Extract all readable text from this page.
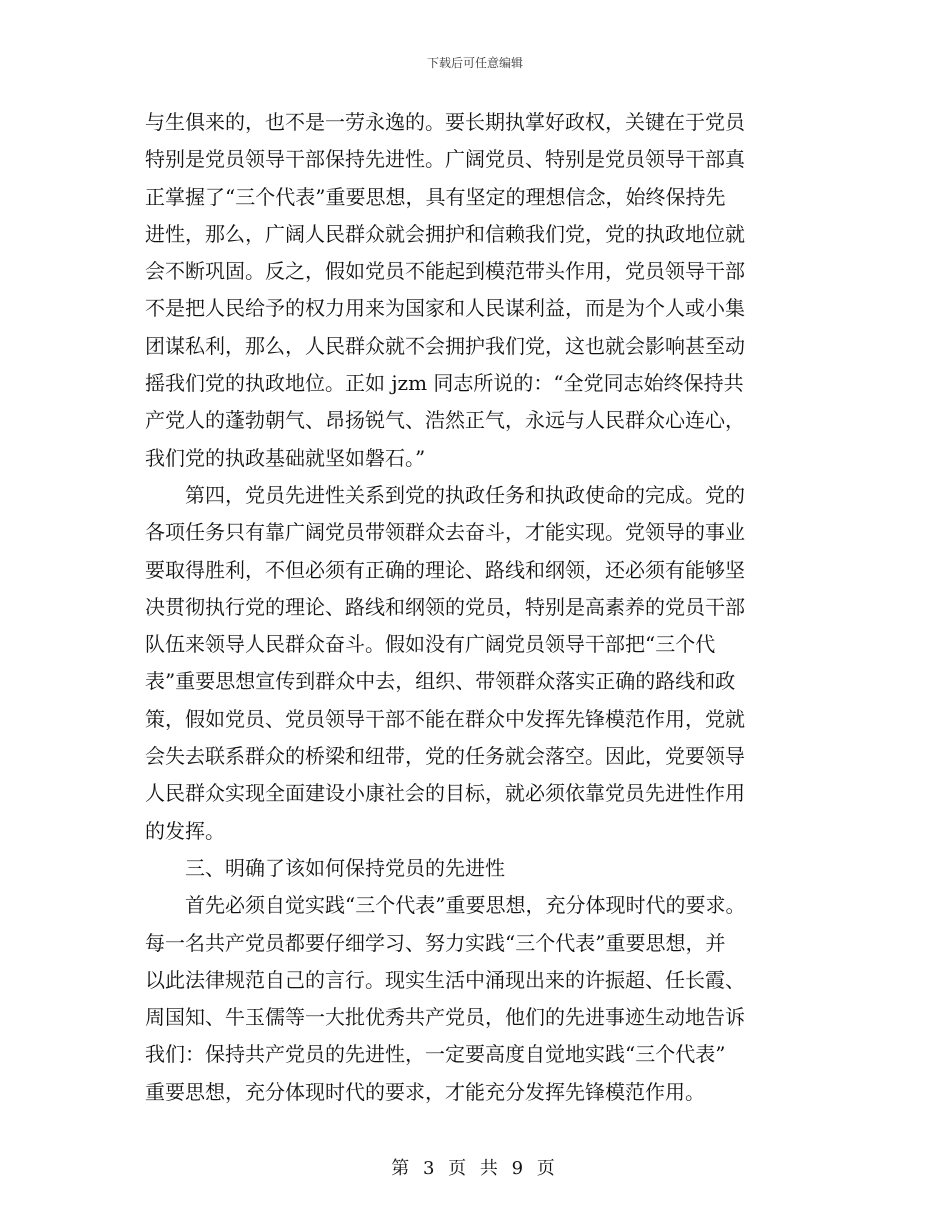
下载后可任意编辑
与生俱来的，也不是一劳永逸的。要长期执掌好政权，关键在于党员
特别是党员领导干部保持先进性。广阔党员、特别是党员领导干部真
正掌握了“三个代表”重要思想，具有坚定的理想信念，始终保持先
进性，那么，广阔人民群众就会拥护和信赖我们党，党的执政地位就
会不断巩固。反之，假如党员不能起到模范带头作用，党员领导干部
不是把人民给予的权力用来为国家和人民谋利益，而是为个人或小集
团谋私利，那么，人民群众就不会拥护我们党，这也就会影响甚至动
摇我们党的执政地位。正如 jzm 同志所说的：“全党同志始终保持共
产党人的蓬勃朝气、昂扬锐气、浩然正气，永远与人民群众心连心，
我们党的执政基础就坚如磐石。”
第四，党员先进性关系到党的执政任务和执政使命的完成。党的
各项任务只有靠广阔党员带领群众去奋斗，才能实现。党领导的事业
要取得胜利，不但必须有正确的理论、路线和纲领，还必须有能够坚
决贯彻执行党的理论、路线和纲领的党员，特别是高素养的党员干部
队伍来领导人民群众奋斗。假如没有广阔党员领导干部把“三个代
表”重要思想宣传到群众中去，组织、带领群众落实正确的路线和政
策，假如党员、党员领导干部不能在群众中发挥先锋模范作用，党就
会失去联系群众的桥梁和纽带，党的任务就会落空。因此，党要领导
人民群众实现全面建设小康社会的目标，就必须依靠党员先进性作用
的发挥。
三、明确了该如何保持党员的先进性
首先必须自觉实践“三个代表”重要思想，充分体现时代的要求。
每一名共产党员都要仔细学习、努力实践“三个代表”重要思想，并
以此法律规范自己的言行。现实生活中涌现出来的许振超、任长霞、
周国知、牛玉儒等一大批优秀共产党员，他们的先进事迹生动地告诉
我们：保持共产党员的先进性，一定要高度自觉地实践“三个代表”
重要思想，充分体现时代的要求，才能充分发挥先锋模范作用。
第 3 页 共 9 页
